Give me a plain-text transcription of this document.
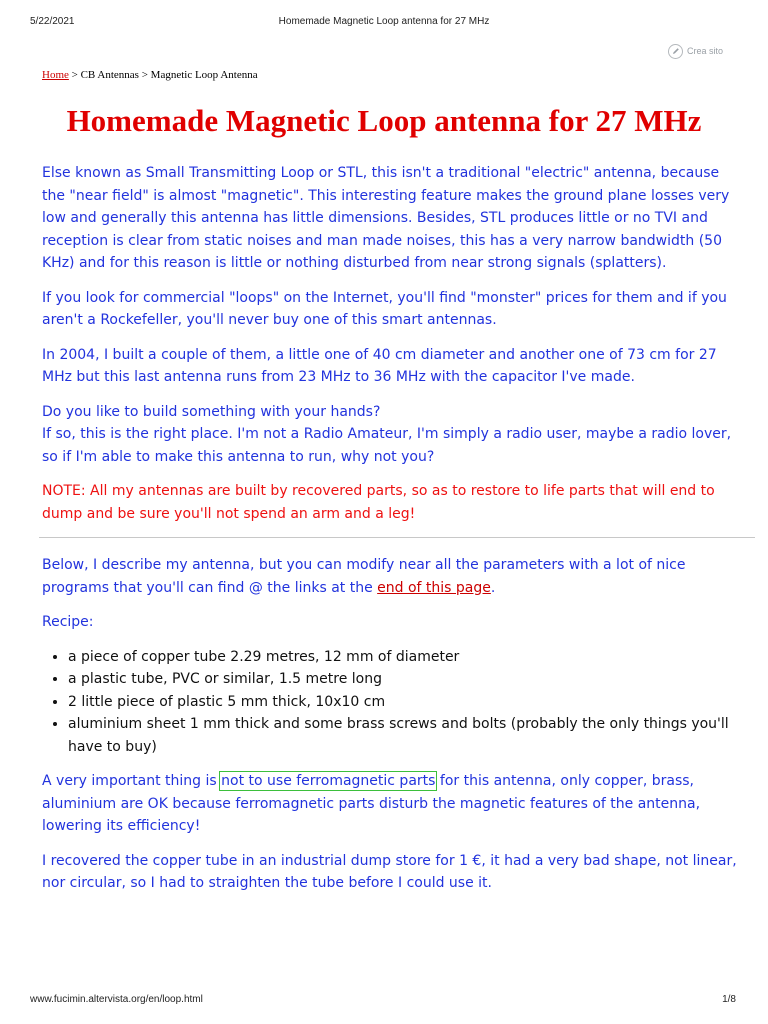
5/22/2021	Homemade Magnetic Loop antenna for 27 MHz
Crea sito
Home > CB Antennas > Magnetic Loop Antenna
Homemade Magnetic Loop antenna for 27 MHz

Else known as Small Transmitting Loop or STL, this isn't a traditional "electric" antenna, because the "near field" is almost "magnetic". This interesting feature makes the ground plane losses very low and generally this antenna has little dimensions. Besides, STL produces little or no TVI and reception is clear from static noises and man made noises, this has a very narrow bandwidth (50 KHz) and for this reason is little or nothing disturbed from near strong signals (splatters).

If you look for commercial "loops" on the Internet, you'll find "monster" prices for them and if you aren't a Rockefeller, you'll never buy one of this smart antennas.

In 2004, I built a couple of them, a little one of 40 cm diameter and another one of 73 cm for 27 MHz but this last antenna runs from 23 MHz to 36 MHz with the capacitor I've made.

Do you like to build something with your hands?
If so, this is the right place. I'm not a Radio Amateur, I'm simply a radio user, maybe a radio lover, so if I'm able to make this antenna to run, why not you?

NOTE: All my antennas are built by recovered parts, so as to restore to life parts that will end to dump and be sure you'll not spend an arm and a leg!

Below, I describe my antenna, but you can modify near all the parameters with a lot of nice programs that you'll can find @ the links at the end of this page.

Recipe:

• a piece of copper tube 2.29 metres, 12 mm of diameter
• a plastic tube, PVC or similar, 1.5 metre long
• 2 little piece of plastic 5 mm thick, 10x10 cm
• aluminium sheet 1 mm thick and some brass screws and bolts (probably the only things you'll have to buy)

A very important thing is not to use ferromagnetic parts for this antenna, only copper, brass, aluminium are OK because ferromagnetic parts disturb the magnetic features of the antenna, lowering its efficiency!

I recovered the copper tube in an industrial dump store for 1 €, it had a very bad shape, not linear, nor circular, so I had to straighten the tube before I could use it.

www.fucimin.altervista.org/en/loop.html	1/8
